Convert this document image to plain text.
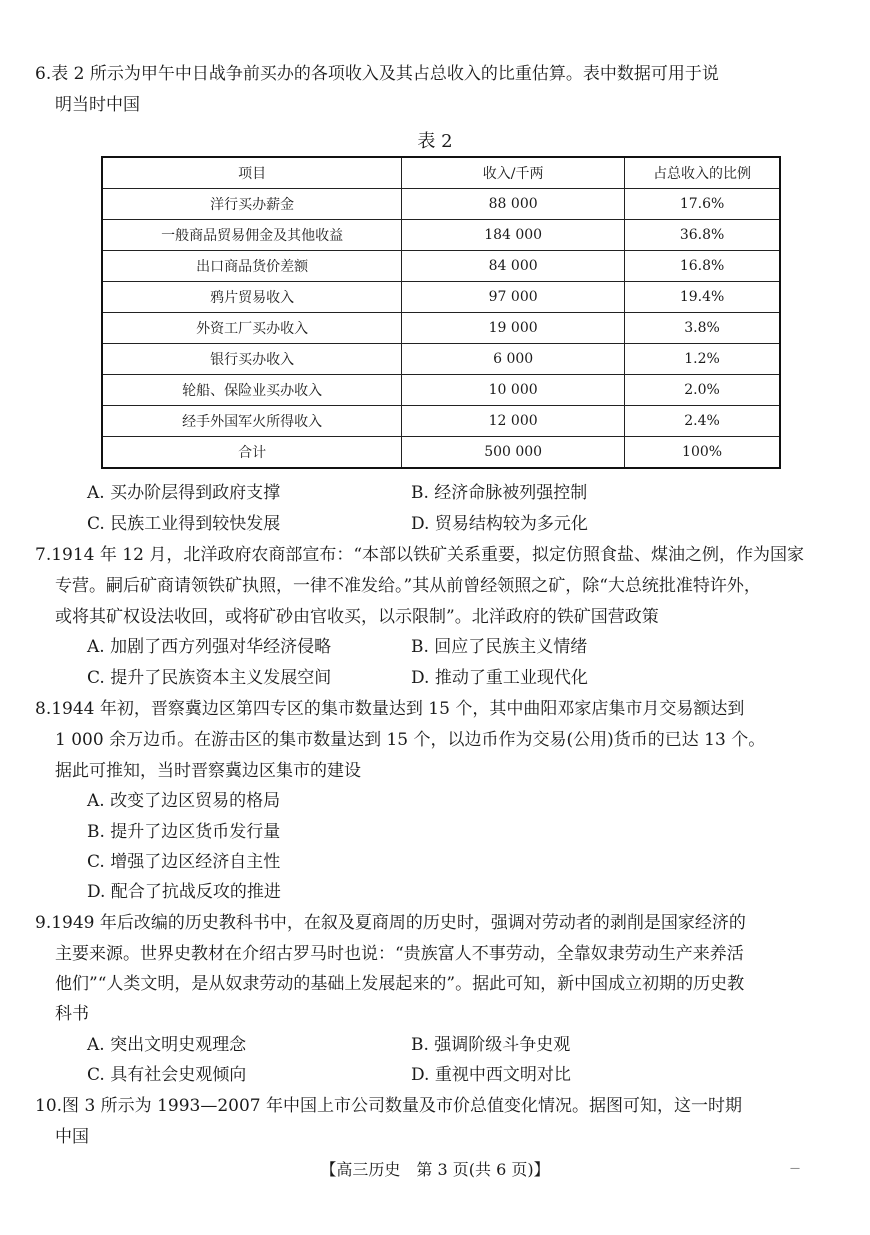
6.表 2 所示为甲午中日战争前买办的各项收入及其占总收入的比重估算。表中数据可用于说
明当时中国
表 2
项目	收入/千两	占总收入的比例
洋行买办薪金	88 000	17.6%
一般商品贸易佣金及其他收益	184 000	36.8%
出口商品货价差额	84 000	16.8%
鸦片贸易收入	97 000	19.4%
外资工厂买办收入	19 000	3.8%
银行买办收入	6 000	1.2%
轮船、保险业买办收入	10 000	2.0%
经手外国军火所得收入	12 000	2.4%
合计	500 000	100%
A. 买办阶层得到政府支撑	B. 经济命脉被列强控制
C. 民族工业得到较快发展	D. 贸易结构较为多元化
7.1914 年 12 月，北洋政府农商部宣布：“本部以铁矿关系重要，拟定仿照食盐、煤油之例，作为国家
专营。嗣后矿商请领铁矿执照，一律不准发给。”其从前曾经领照之矿，除“大总统批准特许外，
或将其矿权设法收回，或将矿砂由官收买，以示限制”。北洋政府的铁矿国营政策
A. 加剧了西方列强对华经济侵略	B. 回应了民族主义情绪
C. 提升了民族资本主义发展空间	D. 推动了重工业现代化
8.1944 年初，晋察冀边区第四专区的集市数量达到 15 个，其中曲阳邓家店集市月交易额达到
1 000 余万边币。在游击区的集市数量达到 15 个，以边币作为交易(公用)货币的已达 13 个。
据此可推知，当时晋察冀边区集市的建设
A. 改变了边区贸易的格局
B. 提升了边区货币发行量
C. 增强了边区经济自主性
D. 配合了抗战反攻的推进
9.1949 年后改编的历史教科书中，在叙及夏商周的历史时，强调对劳动者的剥削是国家经济的
主要来源。世界史教材在介绍古罗马时也说：“贵族富人不事劳动，全靠奴隶劳动生产来养活
他们”“人类文明，是从奴隶劳动的基础上发展起来的”。据此可知，新中国成立初期的历史教
科书
A. 突出文明史观理念	B. 强调阶级斗争史观
C. 具有社会史观倾向	D. 重视中西文明对比
10.图 3 所示为 1993—2007 年中国上市公司数量及市价总值变化情况。据图可知，这一时期
中国
【高三历史　第 3 页(共 6 页)】	—
